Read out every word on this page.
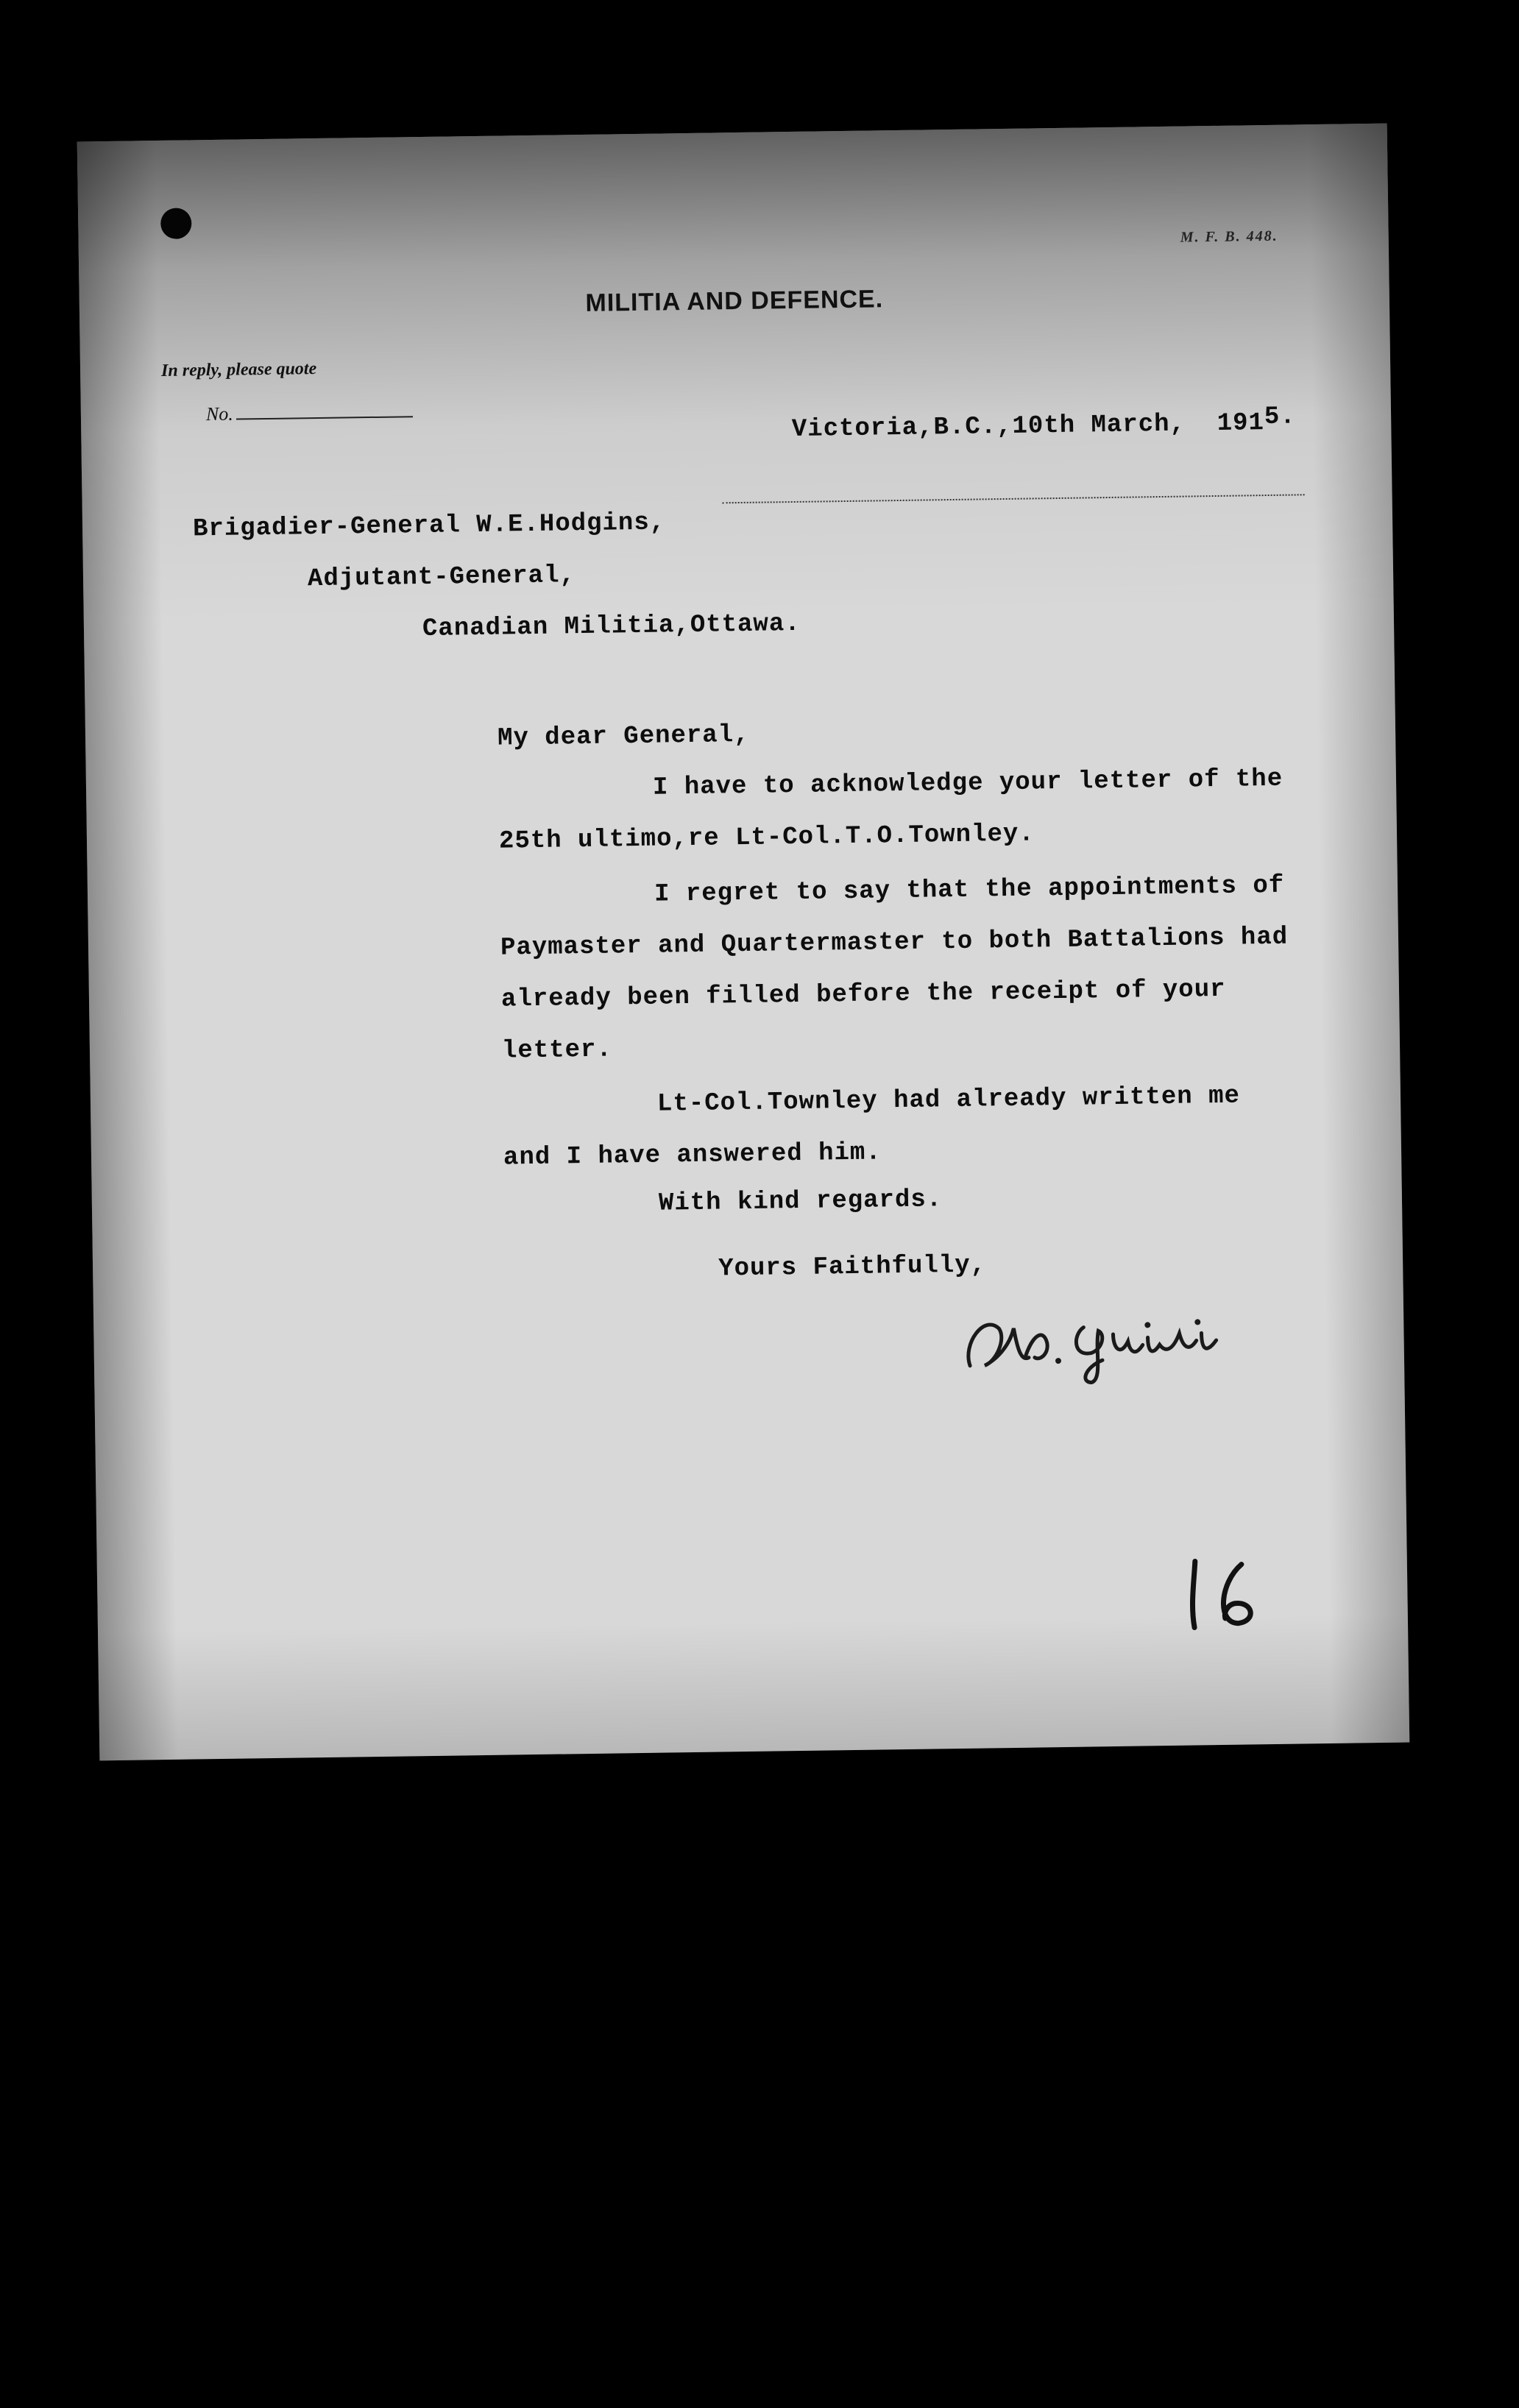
M. F. B. 448.
MILITIA AND DEFENCE.
In reply, please quote
No.	Victoria,B.C.,10th March,  1915.

Brigadier-General W.E.Hodgins,
Adjutant-General,
Canadian Militia,Ottawa.
My dear General,
I have to acknowledge your letter of the
25th ultimo,re Lt-Col.T.O.Townley.
I regret to say that the appointments of
Paymaster and Quartermaster to both Battalions had
already been filled before the receipt of your
letter.
Lt-Col.Townley had already written me
and I have answered him.
With kind regards.
Yours Faithfully,
